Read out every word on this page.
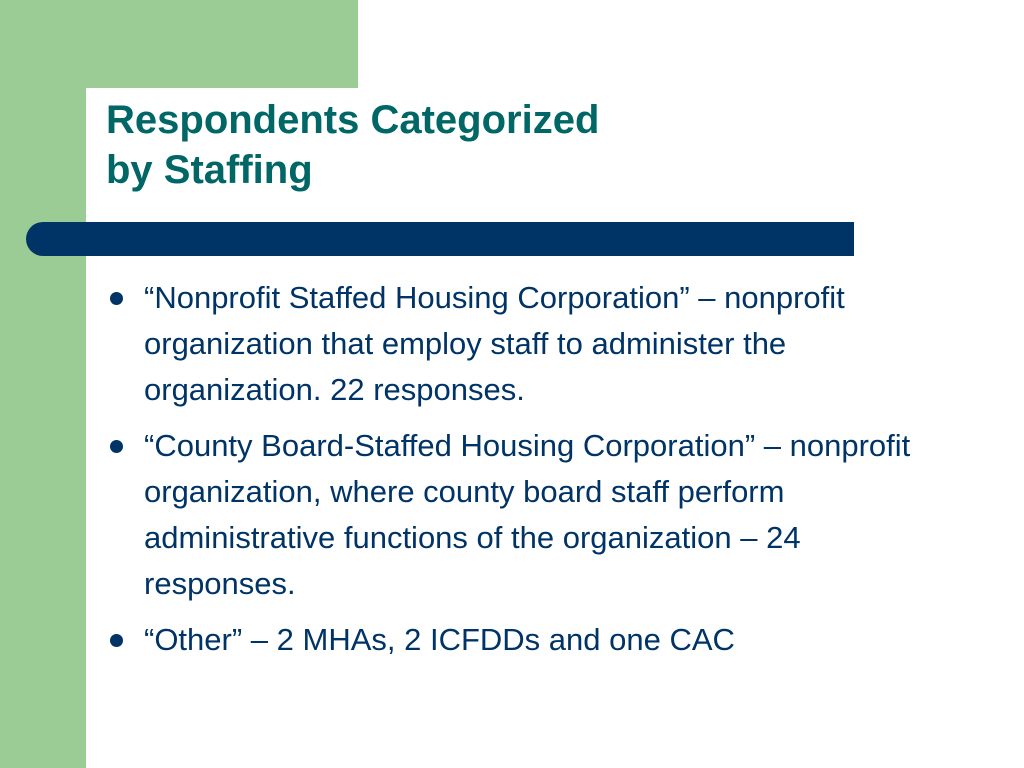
Respondents Categorized
by Staffing
“Nonprofit Staffed Housing Corporation” – nonprofit organization that employ staff to administer the organization. 22 responses.
“County Board-Staffed Housing Corporation” – nonprofit organization, where county board staff perform administrative functions of the organization – 24 responses.
“Other” – 2 MHAs, 2 ICFDDs and one CAC
